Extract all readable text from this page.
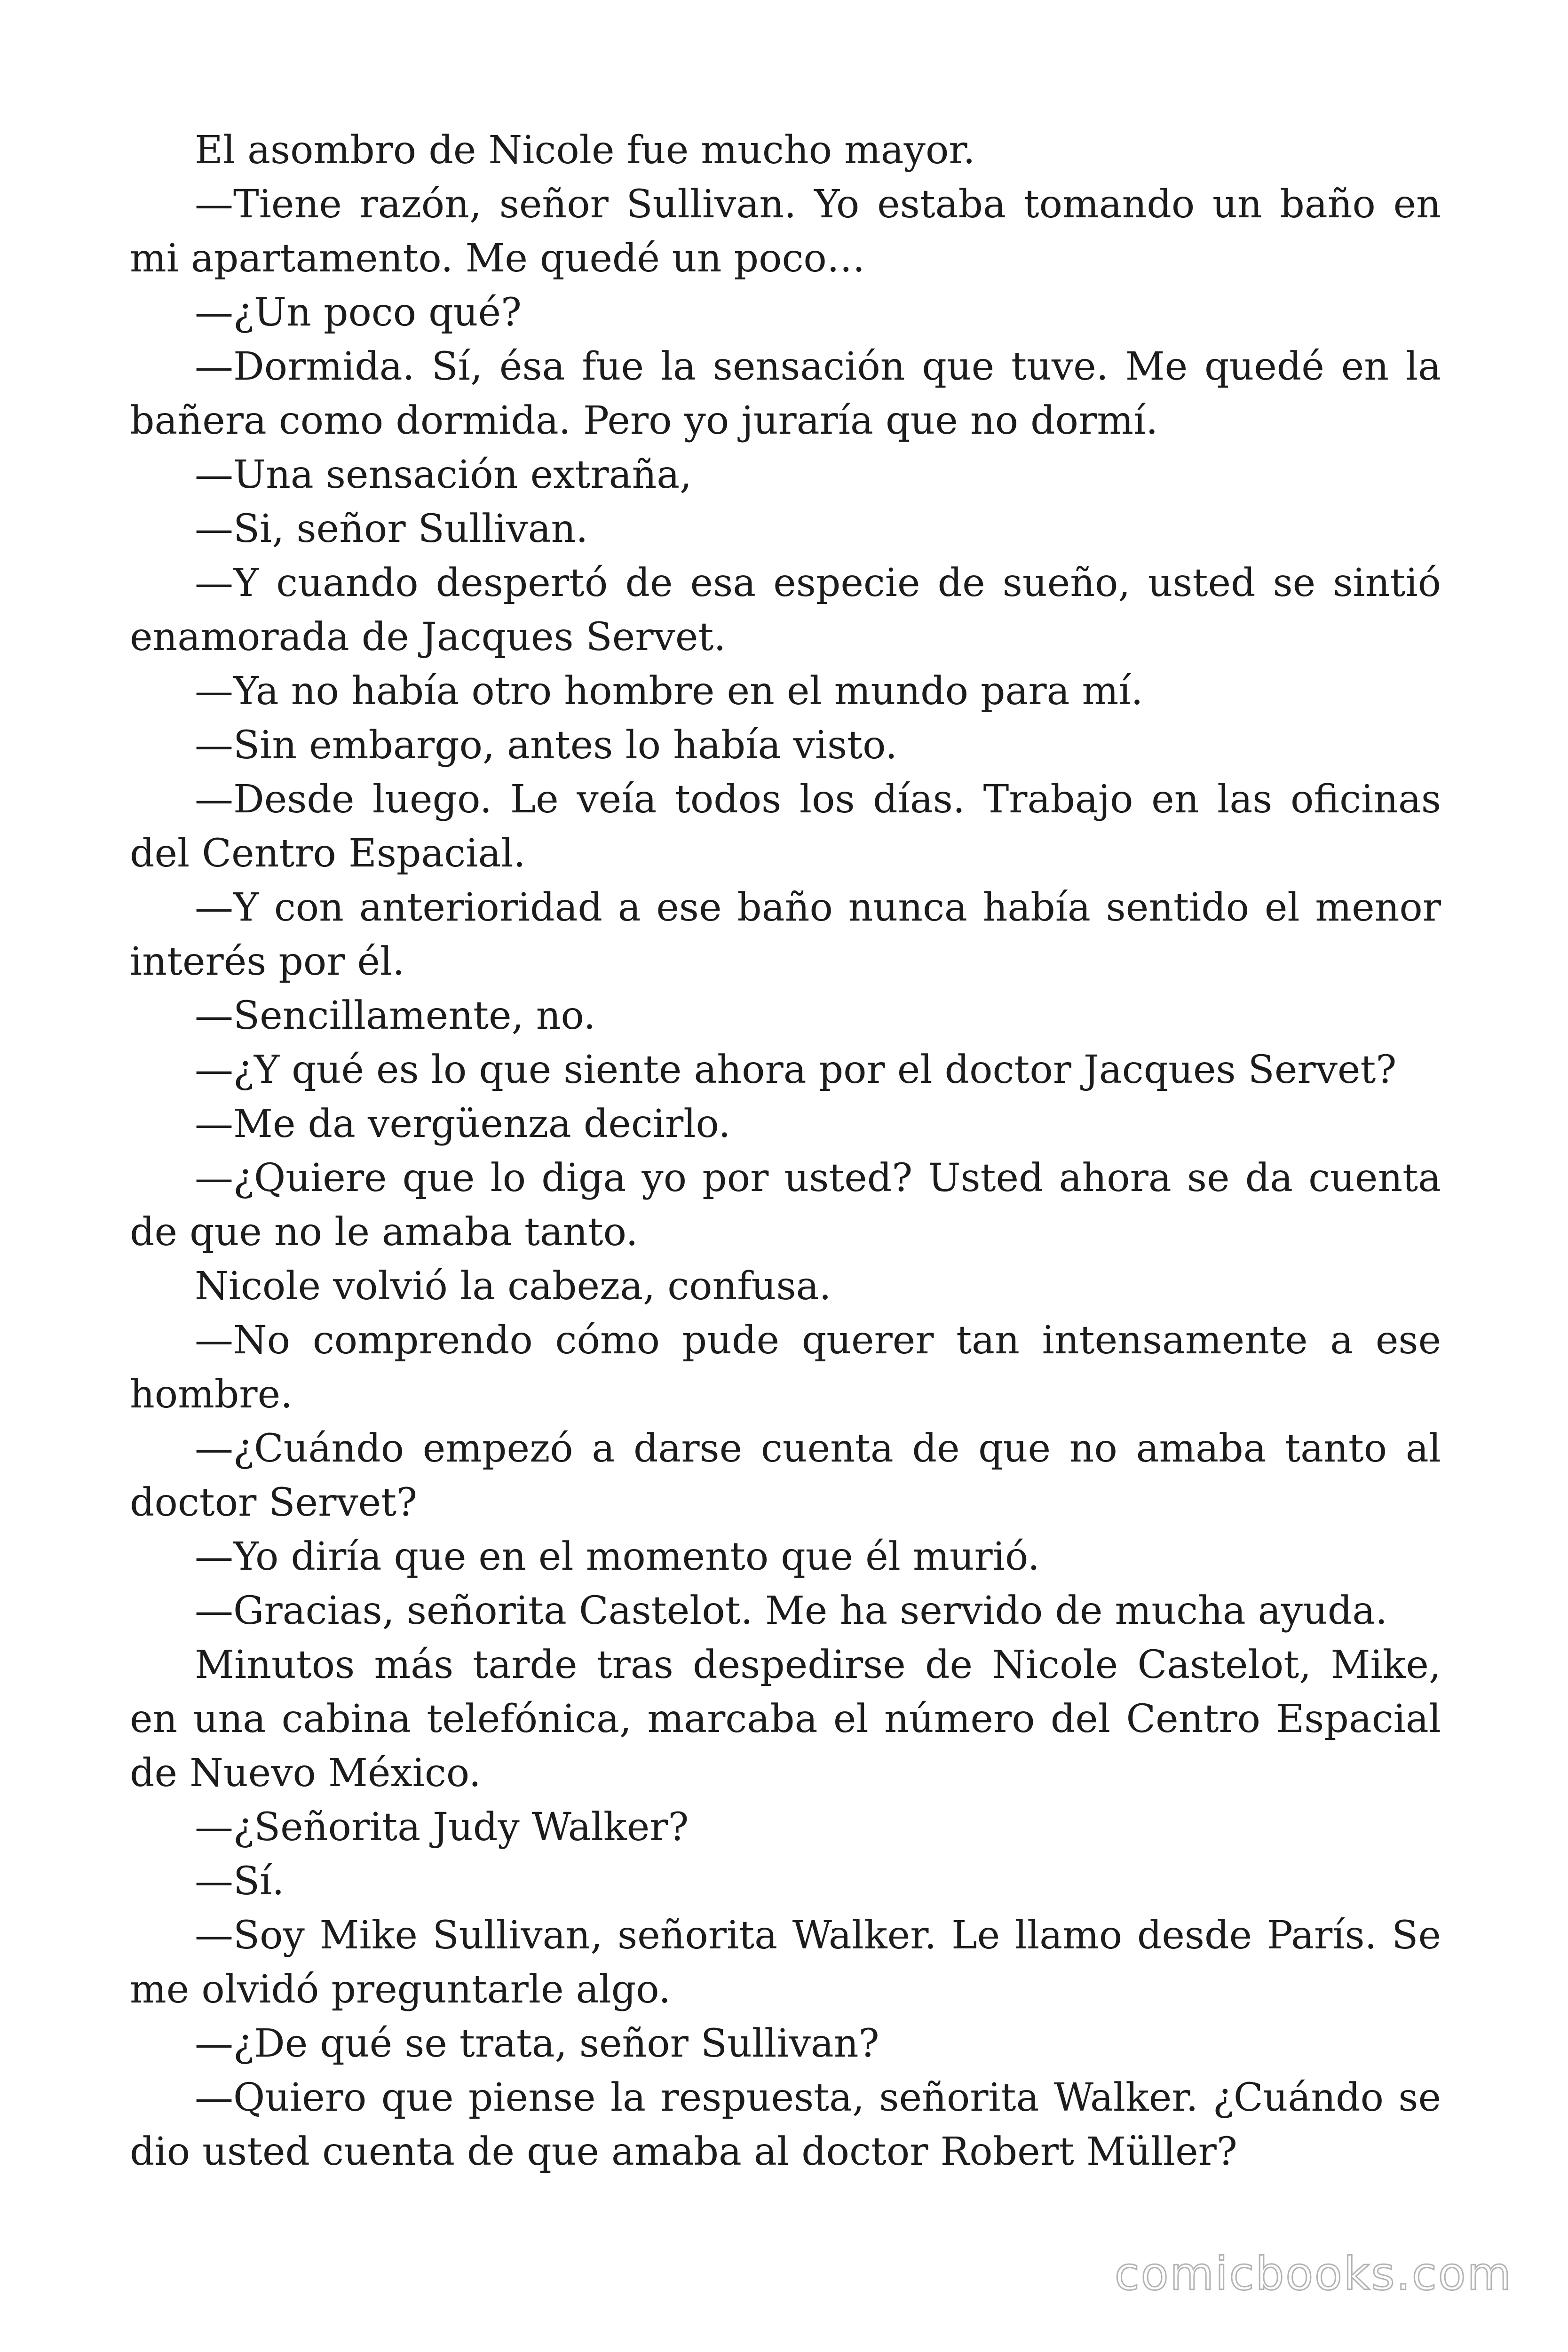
El asombro de Nicole fue mucho mayor.

—Tiene razón, señor Sullivan. Yo estaba tomando un baño en mi apartamento. Me quedé un poco…

—¿Un poco qué?

—Dormida. Sí, ésa fue la sensación que tuve. Me quedé en la bañera como dormida. Pero yo juraría que no dormí.

—Una sensación extraña,

—Si, señor Sullivan.

—Y cuando despertó de esa especie de sueño, usted se sintió enamorada de Jacques Servet.

—Ya no había otro hombre en el mundo para mí.

—Sin embargo, antes lo había visto.

—Desde luego. Le veía todos los días. Trabajo en las oficinas del Centro Espacial.

—Y con anterioridad a ese baño nunca había sentido el menor interés por él.

—Sencillamente, no.

—¿Y qué es lo que siente ahora por el doctor Jacques Servet?

—Me da vergüenza decirlo.

—¿Quiere que lo diga yo por usted? Usted ahora se da cuenta de que no le amaba tanto.

Nicole volvió la cabeza, confusa.

—No comprendo cómo pude querer tan intensamente a ese hombre.

—¿Cuándo empezó a darse cuenta de que no amaba tanto al doctor Servet?

—Yo diría que en el momento que él murió.

—Gracias, señorita Castelot. Me ha servido de mucha ayuda.

Minutos más tarde tras despedirse de Nicole Castelot, Mike, en una cabina telefónica, marcaba el número del Centro Espacial de Nuevo México.

—¿Señorita Judy Walker?

—Sí.

—Soy Mike Sullivan, señorita Walker. Le llamo desde París. Se me olvidó preguntarle algo.

—¿De qué se trata, señor Sullivan?

—Quiero que piense la respuesta, señorita Walker. ¿Cuándo se dio usted cuenta de que amaba al doctor Robert Müller?

comicbooks.com
